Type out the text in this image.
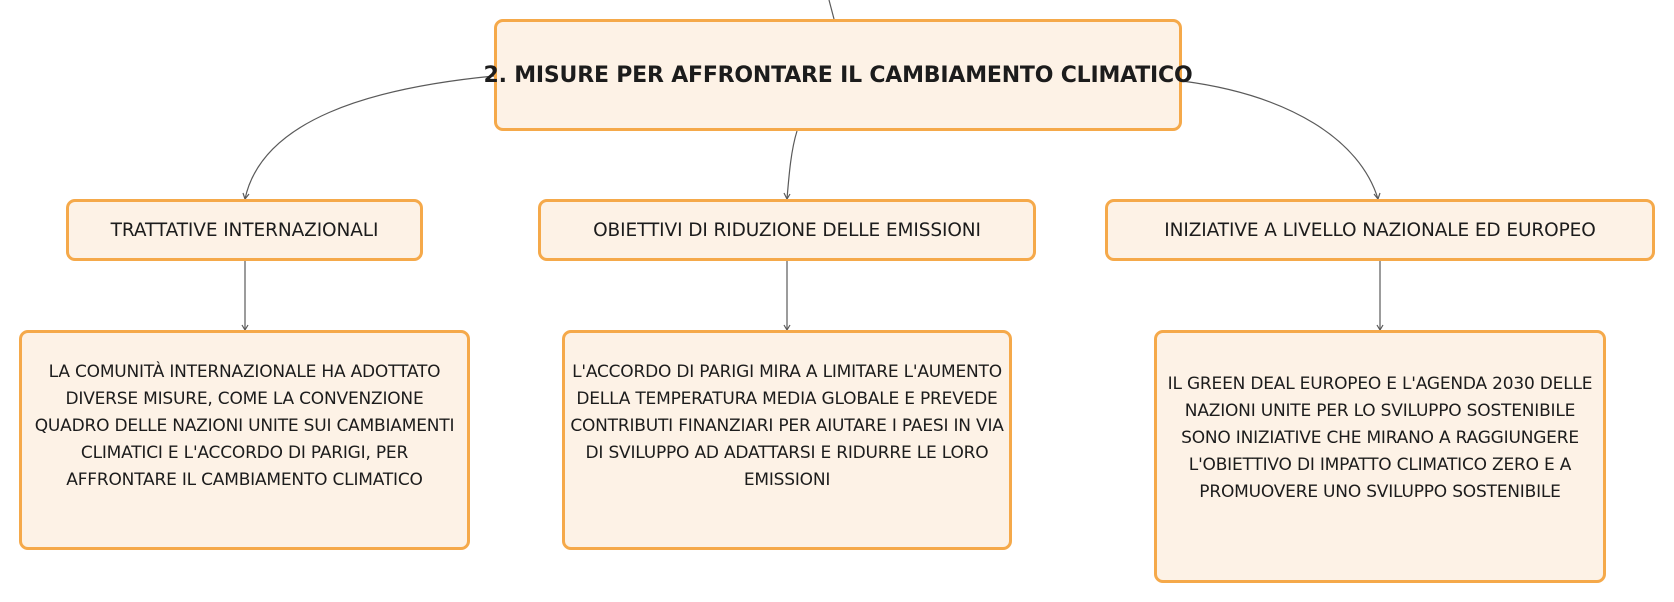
2. MISURE PER AFFRONTARE IL CAMBIAMENTO CLIMATICO
TRATTATIVE INTERNAZIONALI	OBIETTIVI DI RIDUZIONE DELLE EMISSIONI	INIZIATIVE A LIVELLO NAZIONALE ED EUROPEO
LA COMUNITÀ INTERNAZIONALE HA ADOTTATO DIVERSE MISURE, COME LA CONVENZIONE QUADRO DELLE NAZIONI UNITE SUI CAMBIAMENTI CLIMATICI E L'ACCORDO DI PARIGI, PER AFFRONTARE IL CAMBIAMENTO CLIMATICO
L'ACCORDO DI PARIGI MIRA A LIMITARE L'AUMENTO DELLA TEMPERATURA MEDIA GLOBALE E PREVEDE CONTRIBUTI FINANZIARI PER AIUTARE I PAESI IN VIA DI SVILUPPO AD ADATTARSI E RIDURRE LE LORO EMISSIONI
IL GREEN DEAL EUROPEO E L'AGENDA 2030 DELLE NAZIONI UNITE PER LO SVILUPPO SOSTENIBILE SONO INIZIATIVE CHE MIRANO A RAGGIUNGERE L'OBIETTIVO DI IMPATTO CLIMATICO ZERO E A PROMUOVERE UNO SVILUPPO SOSTENIBILE
